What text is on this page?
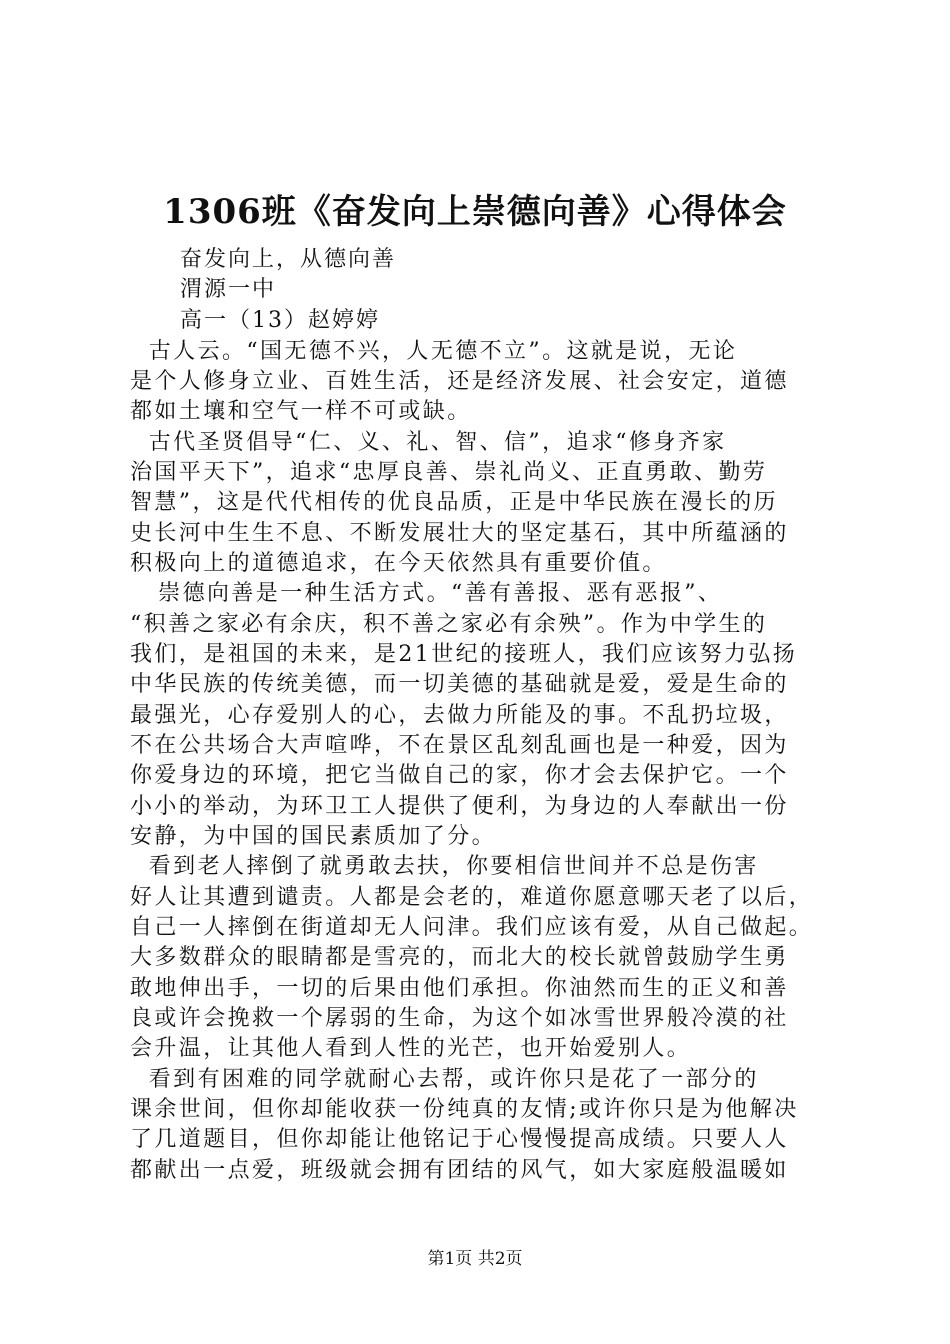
1306班《奋发向上崇德向善》心得体会
奋发向上，从德向善
渭源一中
高一（13）赵婷婷
古人云。“国无德不兴，人无德不立”。这就是说，无论
是个人修身立业、百姓生活，还是经济发展、社会安定，道德
都如土壤和空气一样不可或缺。
古代圣贤倡导“仁、义、礼、智、信”，追求“修身齐家
治国平天下”，追求“忠厚良善、崇礼尚义、正直勇敢、勤劳
智慧”，这是代代相传的优良品质，正是中华民族在漫长的历
史长河中生生不息、不断发展壮大的坚定基石，其中所蕴涵的
积极向上的道德追求，在今天依然具有重要价值。
崇德向善是一种生活方式。“善有善报、恶有恶报”、
“积善之家必有余庆，积不善之家必有余殃”。作为中学生的
我们，是祖国的未来，是21世纪的接班人，我们应该努力弘扬
中华民族的传统美德，而一切美德的基础就是爱，爱是生命的
最强光，心存爱别人的心，去做力所能及的事。不乱扔垃圾，
不在公共场合大声喧哗，不在景区乱刻乱画也是一种爱，因为
你爱身边的环境，把它当做自己的家，你才会去保护它。一个
小小的举动，为环卫工人提供了便利，为身边的人奉献出一份
安静，为中国的国民素质加了分。
看到老人摔倒了就勇敢去扶，你要相信世间并不总是伤害
好人让其遭到谴责。人都是会老的，难道你愿意哪天老了以后，
自己一人摔倒在街道却无人问津。我们应该有爱，从自己做起。
大多数群众的眼睛都是雪亮的，而北大的校长就曾鼓励学生勇
敢地伸出手，一切的后果由他们承担。你油然而生的正义和善
良或许会挽救一个孱弱的生命，为这个如冰雪世界般冷漠的社
会升温，让其他人看到人性的光芒，也开始爱别人。
看到有困难的同学就耐心去帮，或许你只是花了一部分的
课余世间，但你却能收获一份纯真的友情;或许你只是为他解决
了几道题目，但你却能让他铭记于心慢慢提高成绩。只要人人
都献出一点爱，班级就会拥有团结的风气，如大家庭般温暖如
第1页 共2页
